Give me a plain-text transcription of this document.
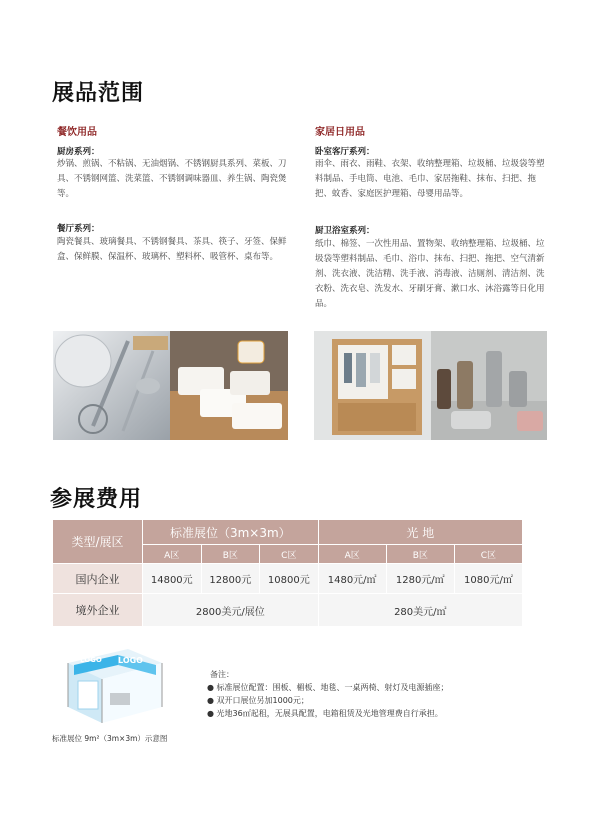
展品范围
餐饮用品
厨房系列：
炒锅、煎锅、不粘锅、无油烟锅、不锈钢厨具系列、菜板、刀具、不锈钢网篮、洗菜篮、不锈钢调味器皿、养生锅、陶瓷煲等。
餐厅系列：
陶瓷餐具、玻璃餐具、不锈钢餐具、茶具、筷子、牙签、保鲜盒、保鲜膜、保温杯、玻璃杯、塑料杯、吸管杯、桌布等。
家居日用品
卧室客厅系列：
雨伞、雨衣、雨鞋、衣架、收纳整理箱、垃圾桶、垃圾袋等塑料制品、手电筒、电池、毛巾、家居拖鞋、抹布、扫把、拖把、蚊香、家庭医护理箱、母婴用品等。
厨卫浴室系列：
纸巾、棉签、一次性用品、置物架、收纳整理箱、垃圾桶、垃圾袋等塑料制品、毛巾、浴巾、抹布、扫把、拖把、空气清新剂、洗衣液、洗洁精、洗手液、消毒液、洁厕剂、清洁剂、洗衣粉、洗衣皂、洗发水、牙刷牙膏、漱口水、沐浴露等日化用品。
参展费用
类型/展区	标准展位（3m×3m）			光 地		
	A区	B区	C区	A区	B区	C区
国内企业	14800元	12800元	10800元	1480元/㎡	1280元/㎡	1080元/㎡
境外企业	2800美元/展位			280美元/㎡		
LOGO LOGO
标准展位 9m²（3m×3m）示意图
备注：
● 标准展位配置：围板、楣板、地毯、一桌两椅、射灯及电源插座；
● 双开口展位另加1000元；
● 光地36㎡起租，无展具配置，电箱租赁及光地管理费自行承担。
